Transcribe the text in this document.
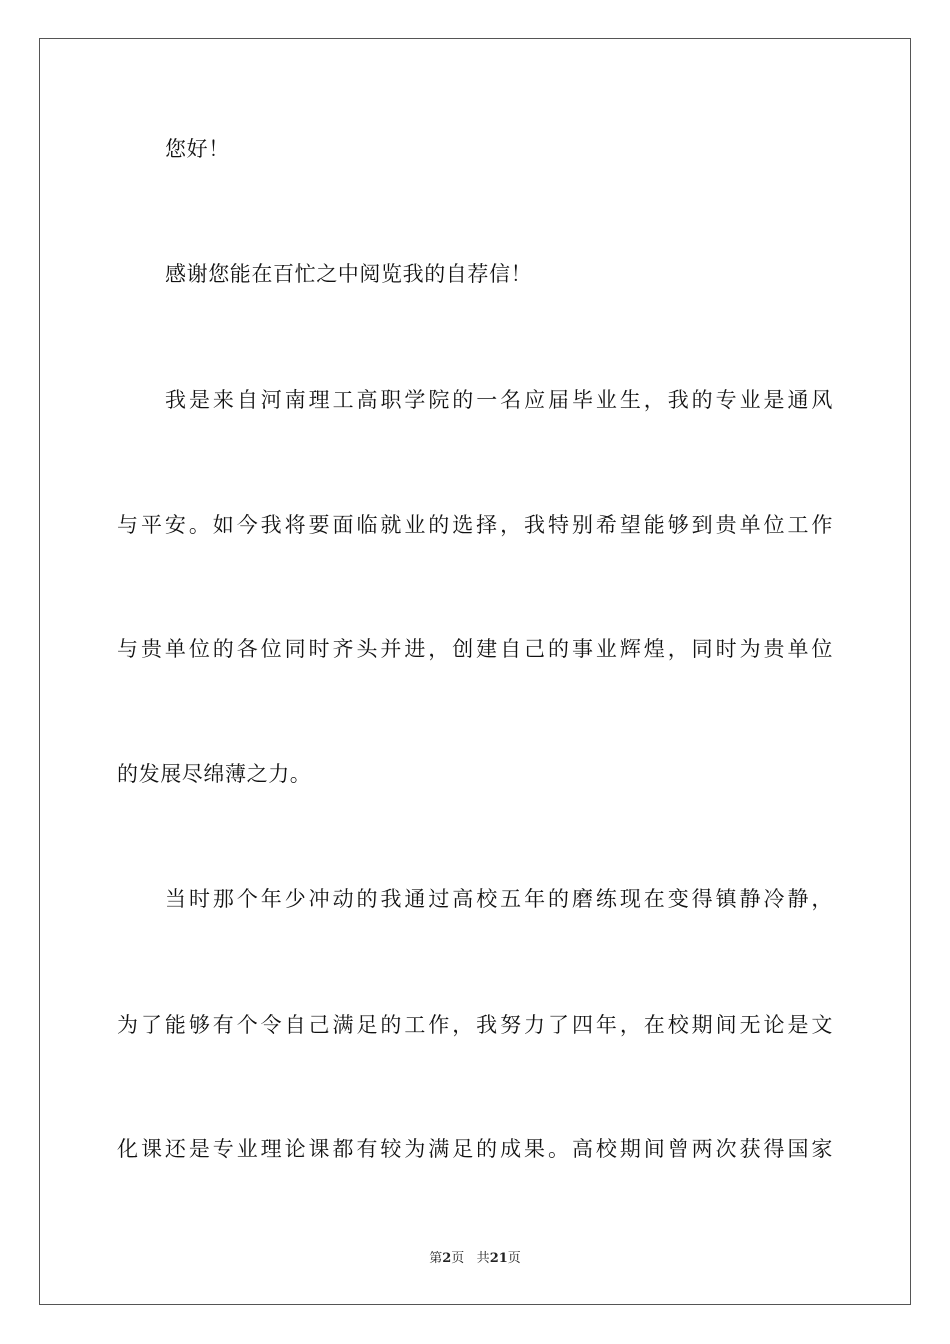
您好！
感谢您能在百忙之中阅览我的自荐信！
我是来自河南理工高职学院的一名应届毕业生，我的专业是通风
与平安。如今我将要面临就业的选择，我特别希望能够到贵单位工作
与贵单位的各位同时齐头并进，创建自己的事业辉煌，同时为贵单位
的发展尽绵薄之力。
当时那个年少冲动的我通过高校五年的磨练现在变得镇静冷静，
为了能够有个令自己满足的工作，我努力了四年，在校期间无论是文
化课还是专业理论课都有较为满足的成果。高校期间曾两次获得国家
第2页 共21页
